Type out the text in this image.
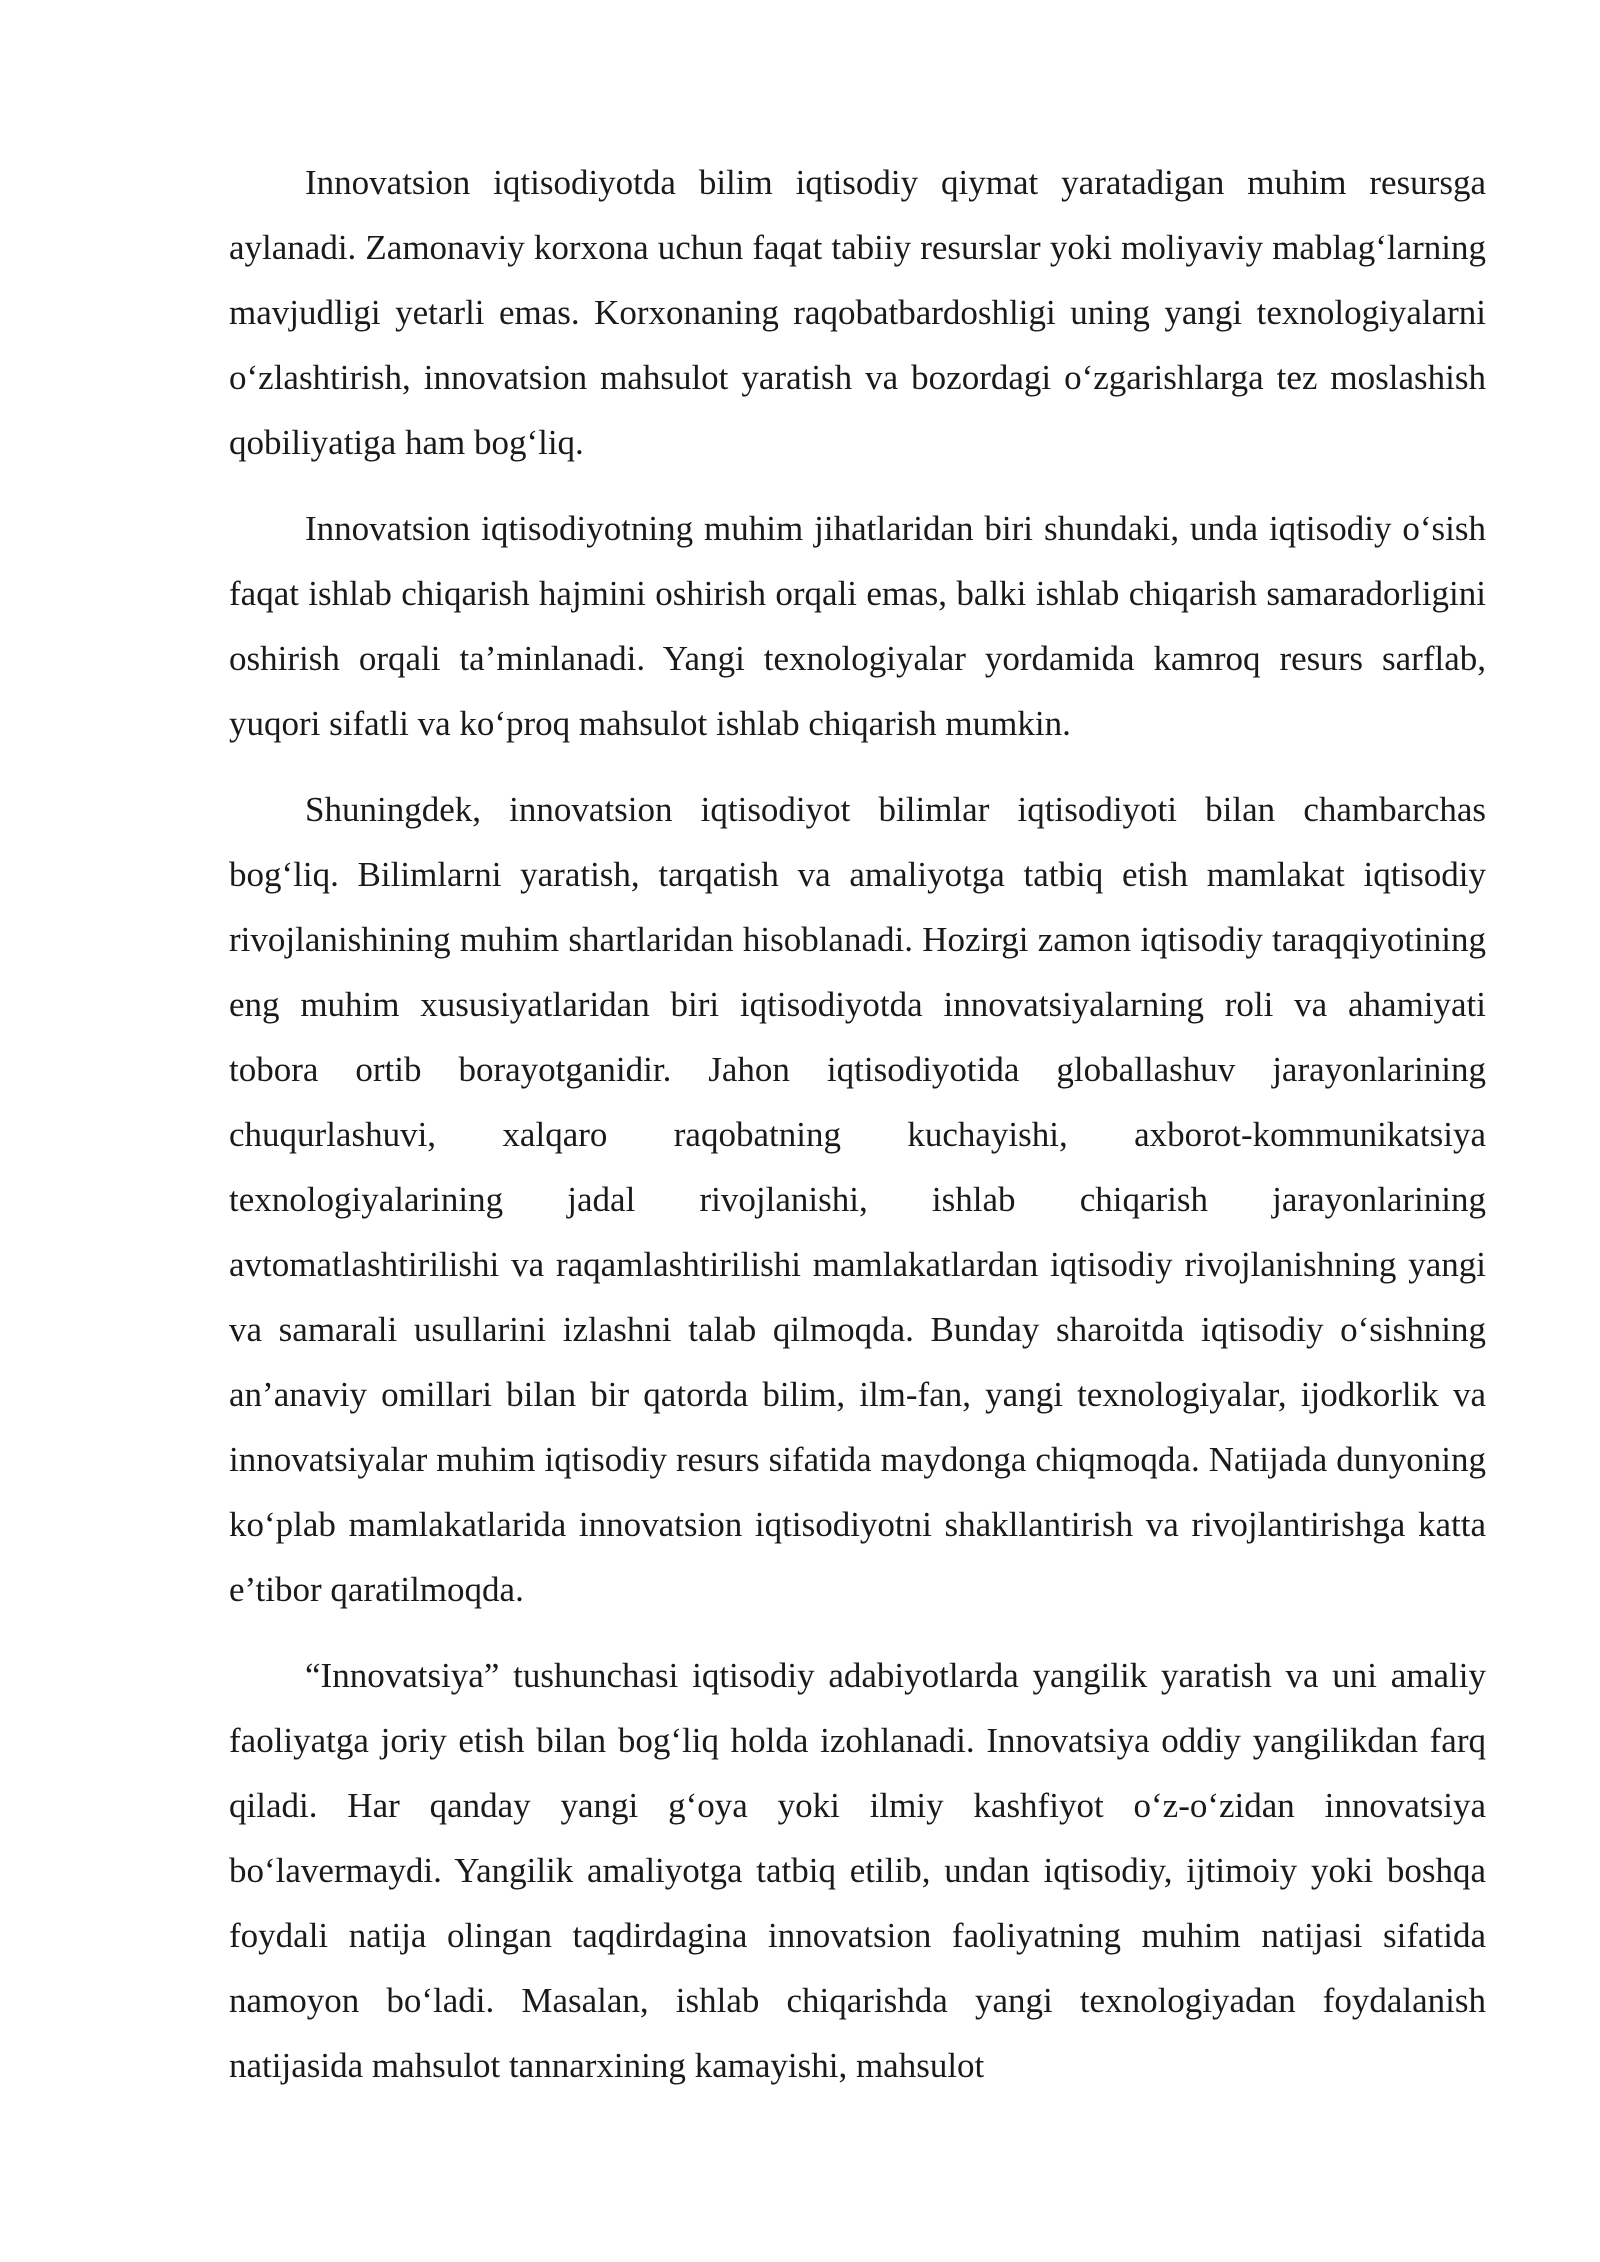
Innovatsion iqtisodiyotda bilim iqtisodiy qiymat yaratadigan muhim resursga aylanadi. Zamonaviy korxona uchun faqat tabiiy resurslar yoki moliyaviy mablag‘larning mavjudligi yetarli emas. Korxonaning raqobatbardoshligi uning yangi texnologiyalarni o‘zlashtirish, innovatsion mahsulot yaratish va bozordagi o‘zgarishlarga tez moslashish qobiliyatiga ham bog‘liq.

Innovatsion iqtisodiyotning muhim jihatlaridan biri shundaki, unda iqtisodiy o‘sish faqat ishlab chiqarish hajmini oshirish orqali emas, balki ishlab chiqarish samaradorligini oshirish orqali ta’minlanadi. Yangi texnologiyalar yordamida kamroq resurs sarflab, yuqori sifatli va ko‘proq mahsulot ishlab chiqarish mumkin.

Shuningdek, innovatsion iqtisodiyot bilimlar iqtisodiyoti bilan chambarchas bog‘liq. Bilimlarni yaratish, tarqatish va amaliyotga tatbiq etish mamlakat iqtisodiy rivojlanishining muhim shartlaridan hisoblanadi. Hozirgi zamon iqtisodiy taraqqiyotining eng muhim xususiyatlaridan biri iqtisodiyotda innovatsiyalarning roli va ahamiyati tobora ortib borayotganidir. Jahon iqtisodiyotida globallashuv jarayonlarining chuqurlashuvi, xalqaro raqobatning kuchayishi, axborot-kommunikatsiya texnologiyalarining jadal rivojlanishi, ishlab chiqarish jarayonlarining avtomatlashtirilishi va raqamlashtirilishi mamlakatlardan iqtisodiy rivojlanishning yangi va samarali usullarini izlashni talab qilmoqda. Bunday sharoitda iqtisodiy o‘sishning an’anaviy omillari bilan bir qatorda bilim, ilm-fan, yangi texnologiyalar, ijodkorlik va innovatsiyalar muhim iqtisodiy resurs sifatida maydonga chiqmoqda. Natijada dunyoning ko‘plab mamlakatlarida innovatsion iqtisodiyotni shakllantirish va rivojlantirishga katta e’tibor qaratilmoqda.

“Innovatsiya” tushunchasi iqtisodiy adabiyotlarda yangilik yaratish va uni amaliy faoliyatga joriy etish bilan bog‘liq holda izohlanadi. Innovatsiya oddiy yangilikdan farq qiladi. Har qanday yangi g‘oya yoki ilmiy kashfiyot o‘z-o‘zidan innovatsiya bo‘lavermaydi. Yangilik amaliyotga tatbiq etilib, undan iqtisodiy, ijtimoiy yoki boshqa foydali natija olingan taqdirdagina innovatsion faoliyatning muhim natijasi sifatida namoyon bo‘ladi. Masalan, ishlab chiqarishda yangi texnologiyadan foydalanish natijasida mahsulot tannarxining kamayishi, mahsulot
